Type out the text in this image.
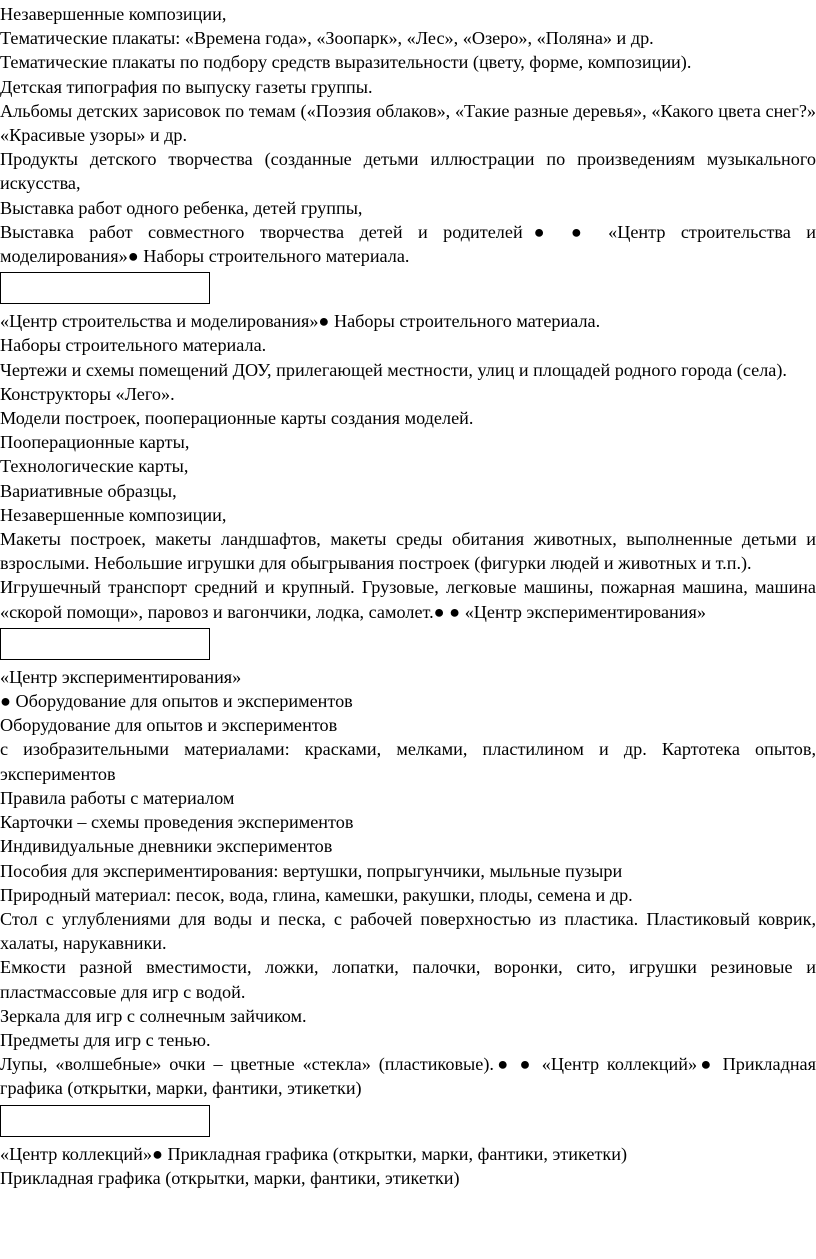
Незавершенные композиции,
Тематические плакаты: «Времена года», «Зоопарк», «Лес», «Озеро», «Поляна» и др.
Тематические плакаты по подбору средств выразительности (цвету, форме, композиции).
Детская типография по выпуску газеты группы.
Альбомы детских зарисовок по темам («Поэзия облаков», «Такие разные деревья», «Какого цвета снег?» «Красивые узоры» и др.
Продукты детского творчества (созданные детьми иллюстрации по произведениям музыкального искусства,
Выставка работ одного ребенка, детей группы,
Выставка работ совместного творчества детей и родителей● ● «Центр строительства и моделирования»● Наборы строительного материала.
«Центр строительства и моделирования»● Наборы строительного материала.
Наборы строительного материала.
Чертежи и схемы помещений ДОУ, прилегающей местности, улиц и площадей родного города (села).
Конструкторы «Лего».
Модели построек, пооперационные карты создания моделей.
Пооперационные карты,
Технологические карты,
Вариативные образцы,
Незавершенные композиции,
Макеты построек, макеты ландшафтов, макеты среды обитания животных, выполненные детьми и взрослыми. Небольшие игрушки для обыгрывания построек (фигурки людей и животных и т.п.).
Игрушечный транспорт средний и крупный. Грузовые, легковые машины, пожарная машина, машина «скорой помощи», паровоз и вагончики, лодка, самолет.● ● «Центр экспериментирования»
«Центр экспериментирования»
● Оборудование для опытов и экспериментов
Оборудование для опытов и экспериментов
с изобразительными материалами: красками, мелками, пластилином и др. Картотека опытов, экспериментов
Правила работы с материалом
Карточки – схемы проведения экспериментов
Индивидуальные дневники экспериментов
Пособия для экспериментирования: вертушки, попрыгунчики, мыльные пузыри
Природный материал: песок, вода, глина, камешки, ракушки, плоды, семена и др.
Стол с углублениями для воды и песка, с рабочей поверхностью из пластика. Пластиковый коврик, халаты, нарукавники.
Емкости разной вместимости, ложки, лопатки, палочки, воронки, сито, игрушки резиновые и пластмассовые для игр с водой.
Зеркала для игр с солнечным зайчиком.
Предметы для игр с тенью.
Лупы, «волшебные» очки – цветные «стекла» (пластиковые).● ● «Центр коллекций»● Прикладная графика (открытки, марки, фантики, этикетки)
«Центр коллекций»● Прикладная графика (открытки, марки, фантики, этикетки)
Прикладная графика (открытки, марки, фантики, этикетки)
